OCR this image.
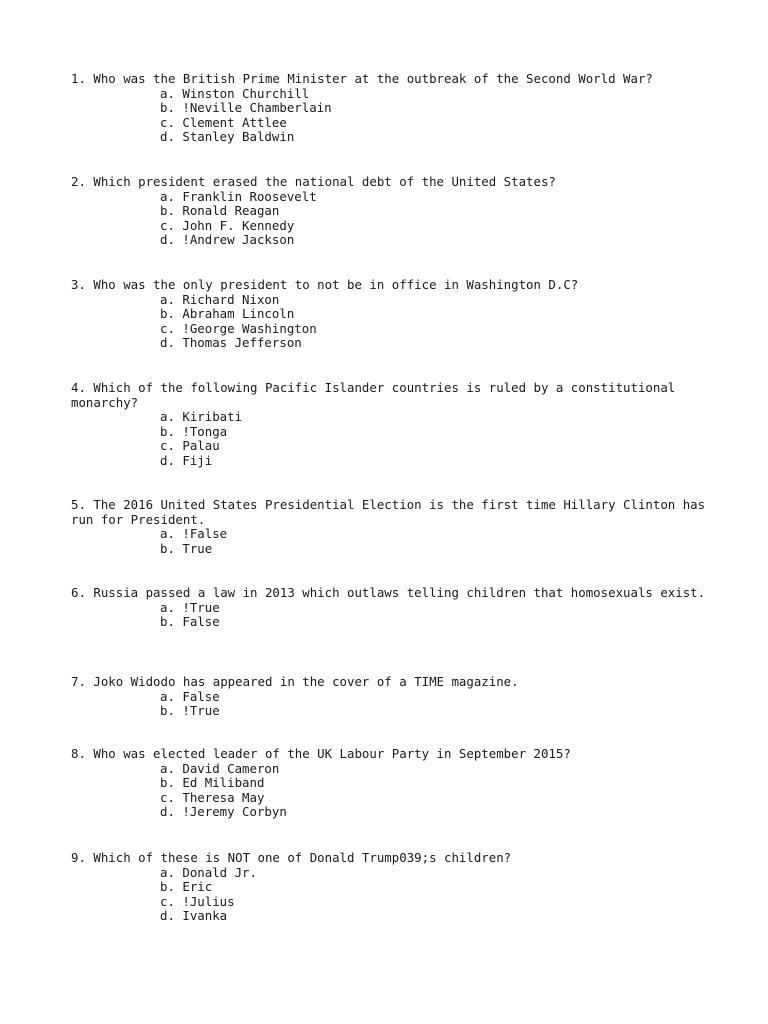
1. Who was the British Prime Minister at the outbreak of the Second World War?

a. Winston Churchill

b. !Neville Chamberlain

c. Clement Attlee

d. Stanley Baldwin

2. Which president erased the national debt of the United States?

a. Franklin Roosevelt

b. Ronald Reagan

c. John F. Kennedy

d. !Andrew Jackson

3. Who was the only president to not be in office in Washington D.C?

a. Richard Nixon

b. Abraham Lincoln

c. !George Washington

d. Thomas Jefferson

4. Which of the following Pacific Islander countries is ruled by a constitutional monarchy?

a. Kiribati

b. !Tonga

c. Palau

d. Fiji

5. The 2016 United States Presidential Election is the first time Hillary Clinton has run for President.

a. !False

b. True

6. Russia passed a law in 2013 which outlaws telling children that homosexuals exist.

a. !True

b. False

7. Joko Widodo has appeared in the cover of a TIME magazine.

a. False

b. !True

8. Who was elected leader of the UK Labour Party in September 2015?

a. David Cameron

b. Ed Miliband

c. Theresa May

d. !Jeremy Corbyn

9. Which of these is NOT one of Donald Trump039;s children?

a. Donald Jr.

b. Eric

c. !Julius

d. Ivanka
